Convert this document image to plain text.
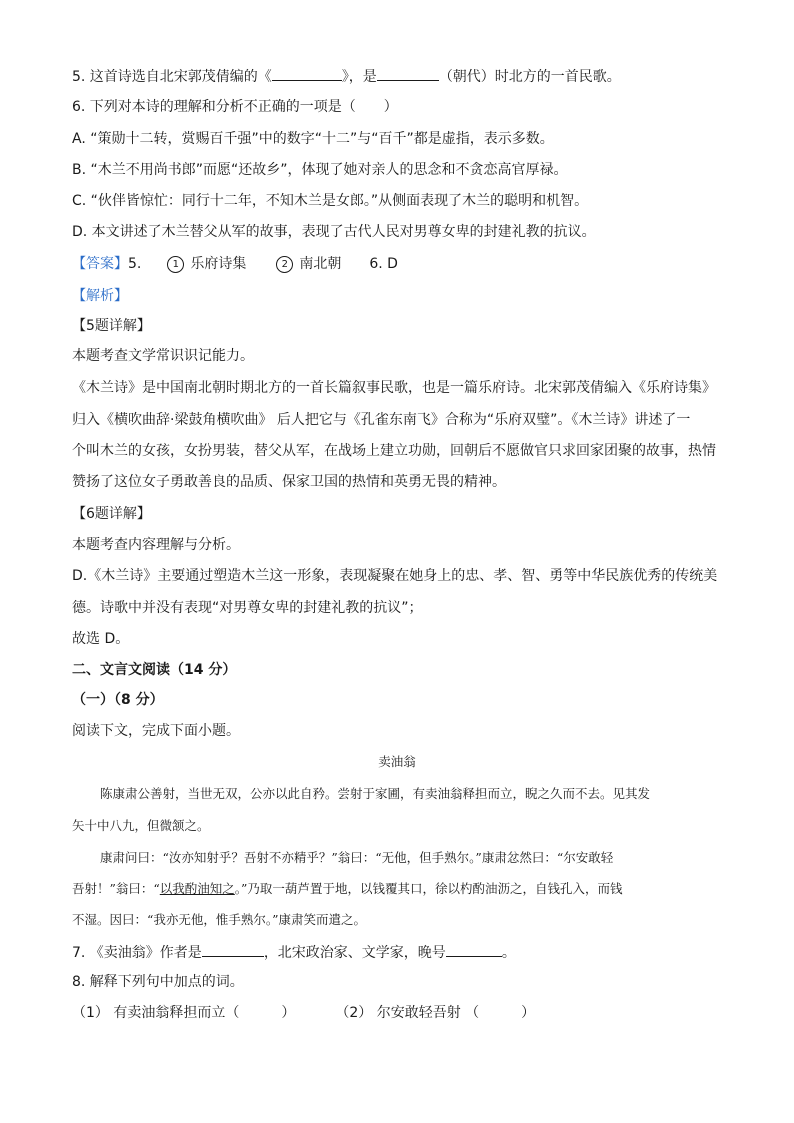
5. 这首诗选自北宋郭茂倩编的《	》，是	（朝代）时北方的一首民歌。
6. 下列对本诗的理解和分析不正确的一项是（　　）
A. “策勋十二转，赏赐百千强”中的数字“十二”与“百千”都是虚指，表示多数。
B. “木兰不用尚书郎”而愿“还故乡”，体现了她对亲人的思念和不贪恋高官厚禄。
C. “伙伴皆惊忙：同行十二年，不知木兰是女郎。”从侧面表现了木兰的聪明和机智。
D. 本文讲述了木兰替父从军的故事，表现了古代人民对男尊女卑的封建礼教的抗议。
【答案】5.	1 乐府诗集	2 南北朝 6. D
【解析】
【5题详解】
本题考查文学常识识记能力。
《木兰诗》是中国南北朝时期北方的一首长篇叙事民歌，也是一篇乐府诗。北宋郭茂倩编入《乐府诗集》
归入《横吹曲辞·梁鼓角横吹曲》 后人把它与《孔雀东南飞》合称为“乐府双璧”。《木兰诗》讲述了一
个叫木兰的女孩，女扮男装，替父从军，在战场上建立功勋，回朝后不愿做官只求回家团聚的故事，热情
赞扬了这位女子勇敢善良的品质、保家卫国的热情和英勇无畏的精神。
【6题详解】
本题考查内容理解与分析。
D.《木兰诗》主要通过塑造木兰这一形象，表现凝聚在她身上的忠、孝、智、勇等中华民族优秀的传统美
德。诗歌中并没有表现“对男尊女卑的封建礼教的抗议”；
故选 D。
二、文言文阅读（14 分）
（一）（8 分）
阅读下文，完成下面小题。
卖油翁
陈康肃公善射，当世无双，公亦以此自矜。尝射于家圃，有卖油翁释担而立，睨之久而不去。见其发
矢十中八九，但微颔之。
康肃问曰：“汝亦知射乎？吾射不亦精乎？”翁曰：“无他，但手熟尔。”康肃忿然曰：“尔安敢轻
吾射！”翁曰：“以我酌油知之。”乃取一葫芦置于地，以钱覆其口，徐以杓酌油沥之，自钱孔入，而钱
不湿。因曰：“我亦无他，惟手熟尔。”康肃笑而遣之。
7. 《卖油翁》作者是	，北宋政治家、文学家，晚号	。
8. 解释下列句中加点的词。
（1） 有卖油翁释担而立（　　　）	（2） 尔安敢轻吾射 （　　　）
